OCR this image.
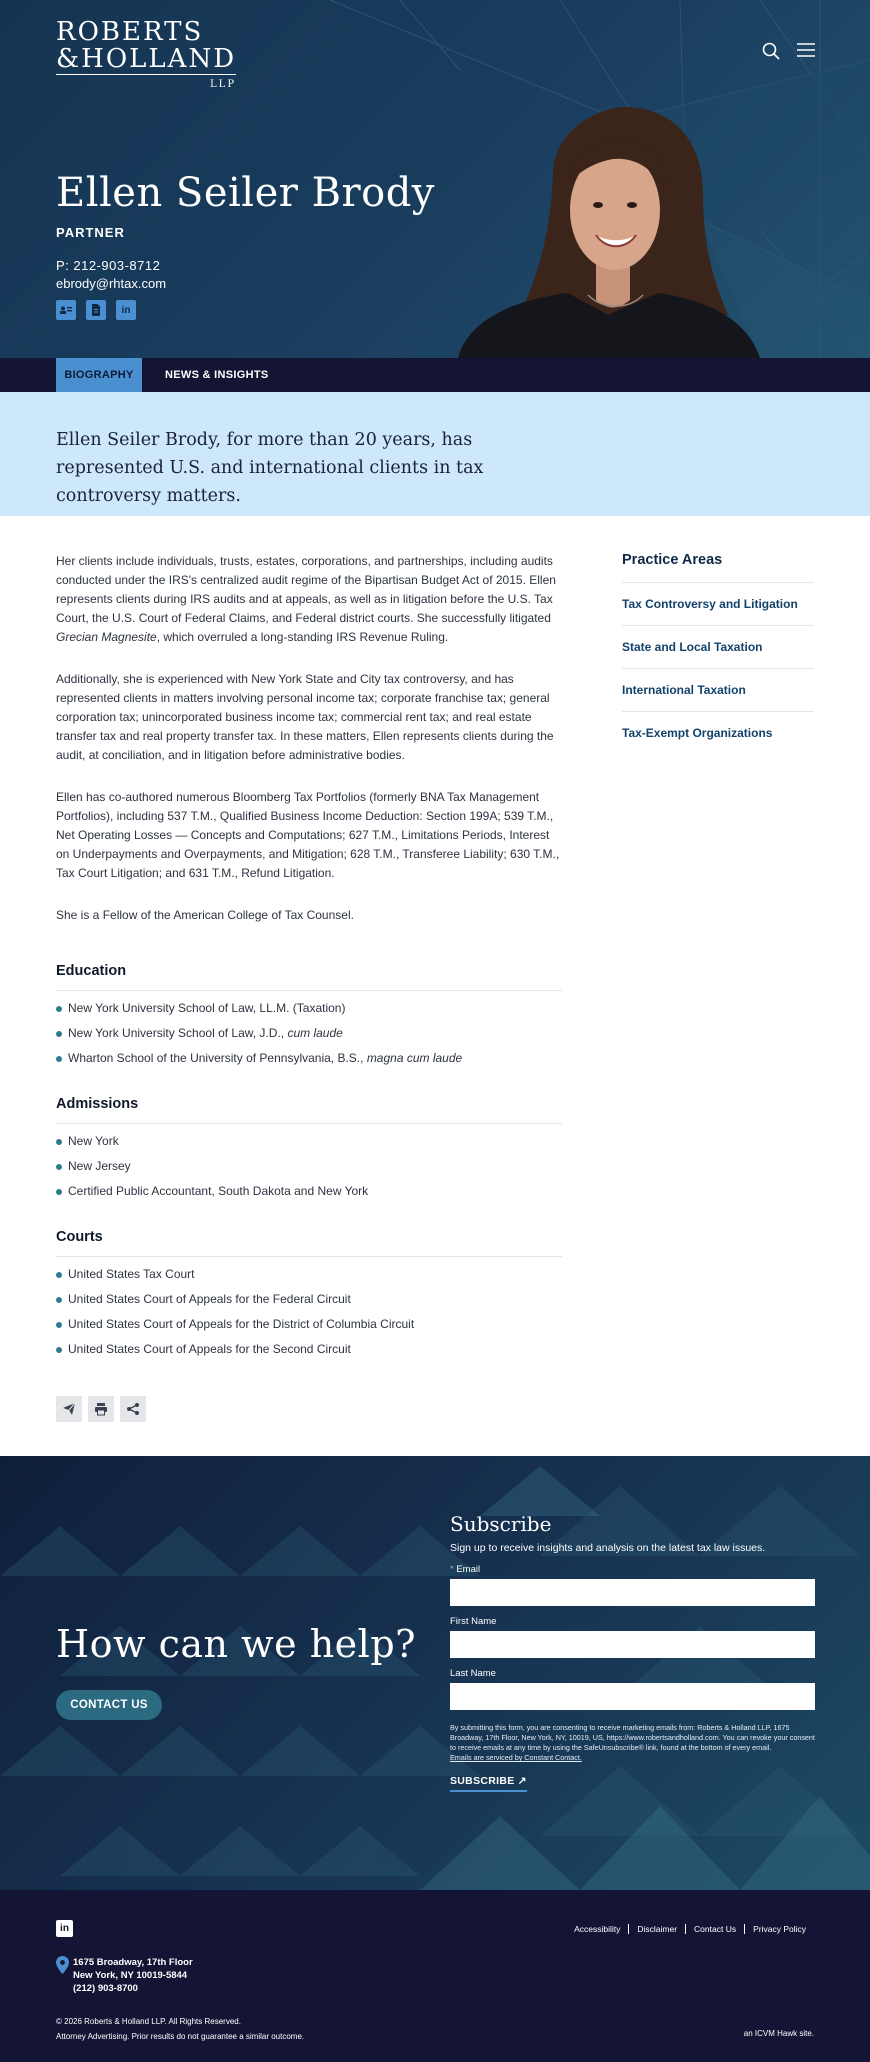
ROBERTS
&HOLLAND
LLP
Ellen Seiler Brody
PARTNER
P: 212-903-8712
ebrody@rhtax.com
in
BIOGRAPHY	NEWS & INSIGHTS

Ellen Seiler Brody, for more than 20 years, has represented U.S. and international clients in tax controversy matters.

Her clients include individuals, trusts, estates, corporations, and partnerships, including audits conducted under the IRS's centralized audit regime of the Bipartisan Budget Act of 2015. Ellen represents clients during IRS audits and at appeals, as well as in litigation before the U.S. Tax Court, the U.S. Court of Federal Claims, and Federal district courts. She successfully litigated Grecian Magnesite, which overruled a long-standing IRS Revenue Ruling.

Additionally, she is experienced with New York State and City tax controversy, and has represented clients in matters involving personal income tax; corporate franchise tax; general corporation tax; unincorporated business income tax; commercial rent tax; and real estate transfer tax and real property transfer tax. In these matters, Ellen represents clients during the audit, at conciliation, and in litigation before administrative bodies.

Ellen has co-authored numerous Bloomberg Tax Portfolios (formerly BNA Tax Management Portfolios), including 537 T.M., Qualified Business Income Deduction: Section 199A; 539 T.M., Net Operating Losses — Concepts and Computations; 627 T.M., Limitations Periods, Interest on Underpayments and Overpayments, and Mitigation; 628 T.M., Transferee Liability; 630 T.M., Tax Court Litigation; and 631 T.M., Refund Litigation.

She is a Fellow of the American College of Tax Counsel.

Education
New York University School of Law, LL.M. (Taxation)
New York University School of Law, J.D., cum laude
Wharton School of the University of Pennsylvania, B.S., magna cum laude
Admissions
New York
New Jersey
Certified Public Accountant, South Dakota and New York
Courts
United States Tax Court
United States Court of Appeals for the Federal Circuit
United States Court of Appeals for the District of Columbia Circuit
United States Court of Appeals for the Second Circuit
Practice Areas
Tax Controversy and Litigation
State and Local Taxation
International Taxation
Tax-Exempt Organizations
How can we help?
CONTACT US
Subscribe
Sign up to receive insights and analysis on the latest tax law issues.
* Email
First Name
Last Name
By submitting this form, you are consenting to receive marketing emails from: Roberts & Holland LLP, 1675 Broadway, 17th Floor, New York, NY, 10019, US, https://www.robertsandholland.com. You can revoke your consent to receive emails at any time by using the SafeUnsubscribe® link, found at the bottom of every email.
Emails are serviced by Constant Contact.
SUBSCRIBE ↗
in	Accessibility	Disclaimer	Contact Us	Privacy Policy
1675 Broadway, 17th Floor
New York, NY 10019-5844
(212) 903-8700
© 2026 Roberts & Holland LLP. All Rights Reserved.
Attorney Advertising. Prior results do not guarantee a similar outcome.	an ICVM Hawk site.
